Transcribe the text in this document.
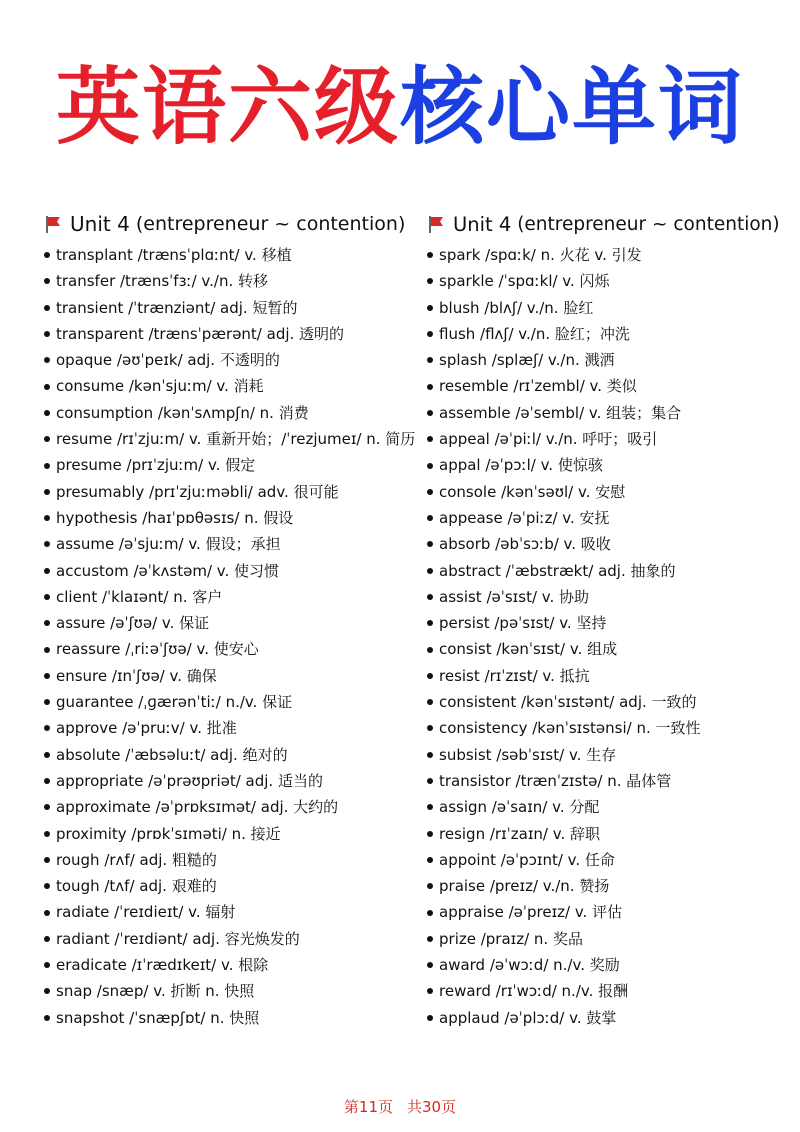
英语六级核心单词
Unit 4
(entrepreneur ~ contention)
transplant /trænsˈplɑːnt/ v. 移植
transfer /trænsˈfɜː/ v./n. 转移
transient /ˈtrænziənt/ adj. 短暂的
transparent /trænsˈpærənt/ adj. 透明的
opaque /əʊˈpeɪk/ adj. 不透明的
consume /kənˈsjuːm/ v. 消耗
consumption /kənˈsʌmpʃn/ n. 消费
resume /rɪˈzjuːm/ v. 重新开始；/ˈrezjumeɪ/ n. 简历
presume /prɪˈzjuːm/ v. 假定
presumably /prɪˈzjuːməbli/ adv. 很可能
hypothesis /haɪˈpɒθəsɪs/ n. 假设
assume /əˈsjuːm/ v. 假设；承担
accustom /əˈkʌstəm/ v. 使习惯
client /ˈklaɪənt/ n. 客户
assure /əˈʃʊə/ v. 保证
reassure /ˌriːəˈʃʊə/ v. 使安心
ensure /ɪnˈʃʊə/ v. 确保
guarantee /ˌɡærənˈtiː/ n./v. 保证
approve /əˈpruːv/ v. 批准
absolute /ˈæbsəluːt/ adj. 绝对的
appropriate /əˈprəʊpriət/ adj. 适当的
approximate /əˈprɒksɪmət/ adj. 大约的
proximity /prɒkˈsɪməti/ n. 接近
rough /rʌf/ adj. 粗糙的
tough /tʌf/ adj. 艰难的
radiate /ˈreɪdieɪt/ v. 辐射
radiant /ˈreɪdiənt/ adj. 容光焕发的
eradicate /ɪˈrædɪkeɪt/ v. 根除
snap /snæp/ v. 折断 n. 快照
snapshot /ˈsnæpʃɒt/ n. 快照
Unit 4
(entrepreneur ~ contention)
spark /spɑːk/ n. 火花 v. 引发
sparkle /ˈspɑːkl/ v. 闪烁
blush /blʌʃ/ v./n. 脸红
flush /flʌʃ/ v./n. 脸红；冲洗
splash /splæʃ/ v./n. 溅洒
resemble /rɪˈzembl/ v. 类似
assemble /əˈsembl/ v. 组装；集合
appeal /əˈpiːl/ v./n. 呼吁；吸引
appal /əˈpɔːl/ v. 使惊骇
console /kənˈsəʊl/ v. 安慰
appease /əˈpiːz/ v. 安抚
absorb /əbˈsɔːb/ v. 吸收
abstract /ˈæbstrækt/ adj. 抽象的
assist /əˈsɪst/ v. 协助
persist /pəˈsɪst/ v. 坚持
consist /kənˈsɪst/ v. 组成
resist /rɪˈzɪst/ v. 抵抗
consistent /kənˈsɪstənt/ adj. 一致的
consistency /kənˈsɪstənsi/ n. 一致性
subsist /səbˈsɪst/ v. 生存
transistor /trænˈzɪstə/ n. 晶体管
assign /əˈsaɪn/ v. 分配
resign /rɪˈzaɪn/ v. 辞职
appoint /əˈpɔɪnt/ v. 任命
praise /preɪz/ v./n. 赞扬
appraise /əˈpreɪz/ v. 评估
prize /praɪz/ n. 奖品
award /əˈwɔːd/ n./v. 奖励
reward /rɪˈwɔːd/ n./v. 报酬
applaud /əˈplɔːd/ v. 鼓掌
第11页 共30页
